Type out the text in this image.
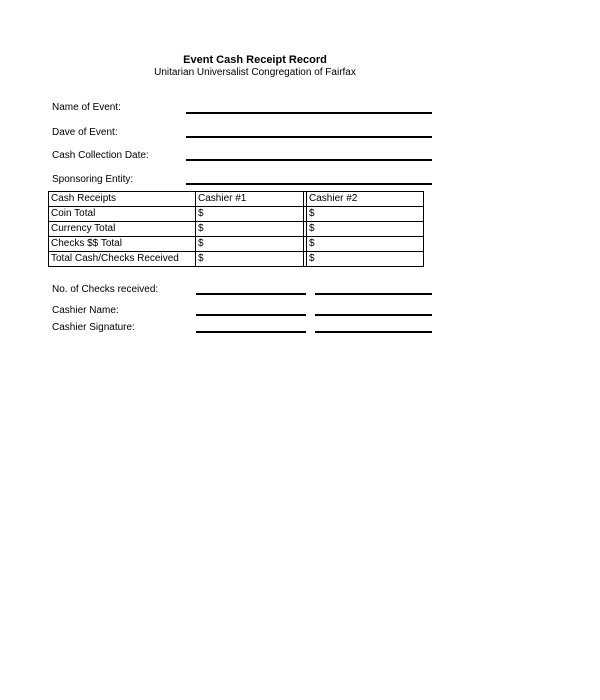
Event Cash Receipt Record
Unitarian Universalist Congregation of Fairfax
Name of Event:
Dave of Event:
Cash Collection Date:
Sponsoring Entity:
Cash Receipts	Cashier #1		Cashier #2
Coin Total	$		$
Currency Total	$		$
Checks $$ Total	$		$
Total Cash/Checks Received	$		$
No. of Checks received:
Cashier Name:
Cashier Signature:
